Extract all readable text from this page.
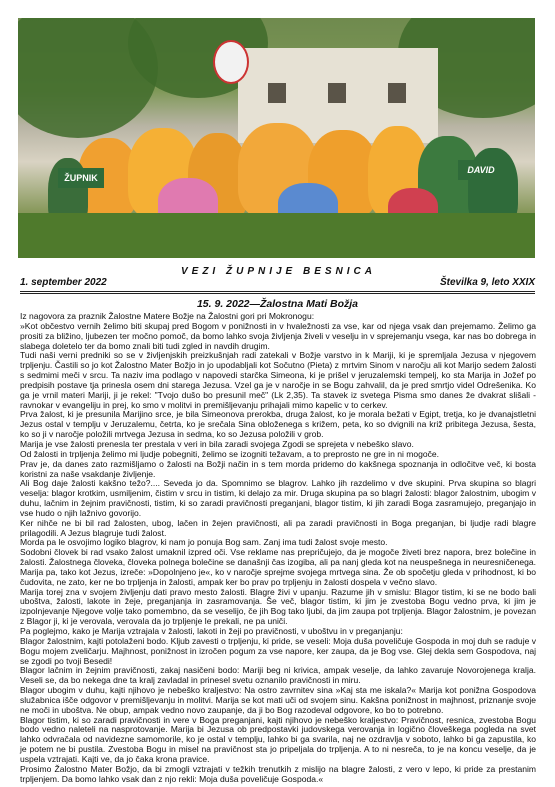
ŽUPNIK
DAVID
VEZI ŽUPNIJE BESNICA
1. september 2022	Številka 9, leto XXIX
15. 9. 2022—Žalostna Mati Božja

Iz nagovora za praznik Žalostne Matere Božje na Žalostni gori pri Mokronogu:

»Kot občestvo vernih želimo biti skupaj pred Bogom v ponižnosti in v hvaležnosti za vse, kar od njega vsak dan prejemamo. Želimo ga prositi za bližino, ljubezen ter močno pomoč, da bomo lahko svoja življenja živeli v veselju in v sprejemanju vsega, kar nas bo dobrega in slabega doletelo ter da bomo znali biti tudi zgled in navdih drugim.

Tudi naši verni predniki so se v življenjskih preizkušnjah radi zatekali v Božje varstvo in k Mariji, ki je spremljala Jezusa v njegovem trpljenju. Častili so jo kot Žalostno Mater Božjo in jo upodabljali kot Sočutno (Pieta) z mrtvim Sinom v naročju ali kot Marijo sedem žalosti s sedmimi meči v srcu. Ta naziv ima podlago v napovedi starčka Simeona, ki je prišel v jeruzalemski tempelj, ko sta Marija in Jožef po predpisih postave tja prinesla osem dni starega Jezusa. Vzel ga je v naročje in se Bogu zahvalil, da je pred smrtjo videl Odrešenika. Ko ga je vrnil materi Mariji, ji je rekel: "Tvojo dušo bo presunil meč" (Lk 2,35). Ta stavek iz svetega Pisma smo danes že dvakrat slišali - ravnokar v evangeliju in prej, ko smo v molitvi in premišljevanju prihajali mimo kapelic v to cerkev.

Prva žalost, ki je presunila Marijino srce, je bila Simeonova prerokba, druga žalost, ko je morala bežati v Egipt, tretja, ko je dvanajstletni Jezus ostal v templju v Jeruzalemu, četrta, ko je srečala Sina obloženega s križem, peta, ko so dvignili na križ pribitega Jezusa, šesta, ko so ji v naročje položili mrtvega Jezusa in sedma, ko so Jezusa položili v grob.

Marija je vse žalosti prenesla ter prestala v veri in bila zaradi svojega Zgodi se sprejeta v nebeško slavo.

Od žalosti in trpljenja želimo mi ljudje pobegniti, želimo se izogniti težavam, a to preprosto ne gre in ni mogoče.

Prav je, da danes zato razmišljamo o žalosti na Božji način in s tem morda pridemo do kakšnega spoznanja in odločitve več, ki bosta koristni za naše vsakdanje življenje.

Ali Bog daje žalosti kakšno težo?.... Seveda jo da. Spomnimo se blagrov. Lahko jih razdelimo v dve skupini. Prva skupina so blagri veselja: blagor krotkim, usmiljenim, čistim v srcu in tistim, ki delajo za mir. Druga skupina pa so blagri žalosti: blagor žalostnim, ubogim v duhu, lačnim in žejnim pravičnosti, tistim, ki so zaradi pravičnosti preganjani, blagor tistim, ki jih zaradi Boga zasramujejo, preganjajo in vse hudo o njih lažnivo govorijo.

Ker nihče ne bi bil rad žalosten, ubog, lačen in žejen pravičnosti, ali pa zaradi pravičnosti in Boga preganjan, bi ljudje radi blagre prilagodili. A Jezus blagruje tudi žalost.

Morda pa le osvojimo logiko blagrov, ki nam jo ponuja Bog sam. Zanj ima tudi žalost svoje mesto.

Sodobni človek bi rad vsako žalost umaknil izpred oči. Vse reklame nas prepričujejo, da je mogoče živeti brez napora, brez bolečine in žalosti. Žalostnega človeka, človeka polnega bolečine se današnji čas izogiba, ali pa nanj gleda kot na neuspešnega in neuresničenega. Marija pa, tako kot Jezus, izreče: »Dopolnjeno je«, ko v naročje sprejme svojega mrtvega sina. Že ob spočetju gleda v prihodnost, ki bo čudovita, ne zato, ker ne bo trpljenja in žalosti, ampak ker bo prav po trpljenju in žalosti dospela v večno slavo.

Marija torej zna v svojem življenju dati pravo mesto žalosti. Blagre živi v upanju. Razume jih v smislu: Blagor tistim, ki se ne bodo bali uboštva, žalosti, lakote in žeje, preganjanja in zasramovanja. Še več, blagor tistim, ki jim je zvestoba Bogu vedno prva, ki jim je izpolnjevanje Njegove volje tako pomembno, da se veselijo, če jih Bog tako ljubi, da jim zaupa pot trpljenja. Blagor žalostnim, je povezan z Blagor ji, ki je verovala, verovala da jo trpljenje le prekali, ne pa uniči.

Pa poglejmo, kako je Marija vztrajala v žalosti, lakoti in žeji po pravičnosti, v uboštvu in v preganjanju:

Blagor žalostnim, kajti potolaženi bodo. Kljub zavesti o trpljenju, ki pride, se veseli: Moja duša poveličuje Gospoda in moj duh se raduje v Bogu mojem zveličarju. Majhnost, ponižnost in izročen pogum za vse napore, ker zaupa, da je Bog vse. Glej dekla sem Gospodova, naj se zgodi po tvoji Besedi!

Blagor lačnim in žejnim pravičnosti, zakaj nasičeni bodo: Mariji beg ni krivica, ampak veselje, da lahko zavaruje Novorojenega kralja. Veseli se, da bo nekega dne ta kralj zavladal in prinesel svetu oznanilo pravičnosti in miru.

Blagor ubogim v duhu, kajti njihovo je nebeško kraljestvo: Na ostro zavrnitev sina »Kaj sta me iskala?« Marija kot ponižna Gospodova služabnica išče odgovor v premišljevanju in molitvi. Marija se kot mati uči od svojem sinu. Kakšna ponižnost in majhnost, priznanje svoje ne moči in uboštva. Ne obup, ampak vedno novo zaupanje, da ji bo Bog razodeval odgovore, ko bo to potrebno.

Blagor tistim, ki so zaradi pravičnosti in vere v Boga preganjani, kajti njihovo je nebeško kraljestvo: Pravičnost, resnica, zvestoba Bogu bodo vedno naleteli na nasprotovanje. Marija bi Jezusa ob predpostavki judovskega verovanja in logično človeškega pogleda na svet lahko odvračala od navidezne samomorile, ko je ostal v templju, lahko bi ga svarila, naj ne ozdravlja v soboto, lahko bi ga zapustila, ko je potem ne bi pustila. Zvestoba Bogu in misel na pravičnost sta jo pripeljala do trpljenja. A to ni nesreča, to je na koncu veselje, da je uspela vztrajati. Kajti ve, da jo čaka krona pravice.

Prosimo Žalostno Mater Božjo, da bi zmogli vztrajati v težkih trenutkih z mislijo na blagre žalosti, z vero v lepo, ki pride za prestanim trpljenjem. Da bomo lahko vsak dan z njo rekli: Moja duša poveličuje Gospoda.«
